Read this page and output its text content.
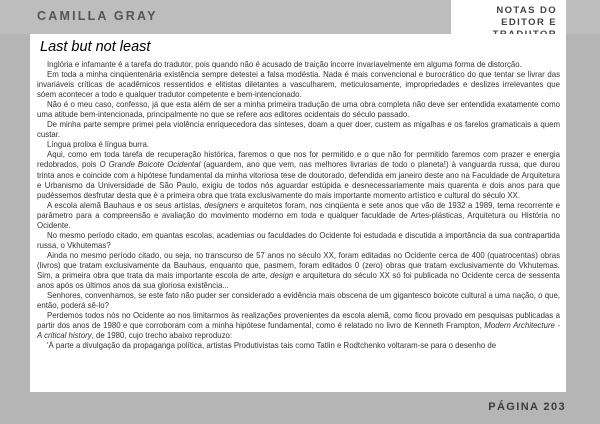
CAMILLA GRAY	NOTAS DO
EDITOR E
Last but not least

Inglória e infamante é a tarefa do tradutor, pois quando não é acusado de traição incorre invariavelmente em alguma forma de distorção.

Em toda a minha cinqüentenária existência sempre detestei a falsa modéstia. Nada é mais convencional e burocrático do que tentar se livrar das invariáveis críticas de acadêmicos ressentidos e elitistas diletantes a vasculharem, meticulosamente, impropriedades e deslizes irrelevantes que sóem acontecer a todo e qualquer tradutor competente e bem-intencionado.

Não é o meu caso, confesso, já que esta além de ser a minha primeira tradução de uma obra completa não deve ser entendida exatamente como uma atitude bem-intencionada, principalmente no que se refere aos editores ocidentais do século passado.

De minha parte sempre primei pela violência enriquecedora das sínteses, doam a quer doer, custem as migalhas e os farelos gramaticais a quem custar.

Língua prolixa é língua burra.

Aqui, como em toda tarefa de recuperação histórica, faremos o que nos for permitido e o que não for permitido faremos com prazer e energia redobrados, pois O Grande Boicote Ocidental (aguardem, ano que vem, nas melhores livrarias de todo o planeta!) à vanguarda russa, que durou trinta anos e coincide com a hipótese fundamental da minha vitoriosa tese de doutorado, defendida em janeiro deste ano na Faculdade de Arquitetura e Urbanismo da Universidade de São Paulo, exigiu de todos nós aguardar estúpida e desnecessariamente mais quarenta e dois anos para que pudéssemos desfrutar desta que é a primeira obra que trata exclusivamente do mais importante momento artístico e cultural do século XX.

A escola alemã Bauhaus e os seus artistas, designers e arquitetos foram, nos cinqüenta e sete anos que vão de 1932 a 1989, tema recorrente e parâmetro para a compreensão e avaliação do movimento moderno em toda e qualquer faculdade de Artes-plásticas, Arquitetura ou História no Ocidente.

No mesmo período citado, em quantas escolas, academias ou faculdades do Ocidente foi estudada e discutida a importância da sua contrapartida russa, o Vkhutemas?

Ainda no mesmo período citado, ou seja, no transcurso de 57 anos no século XX, foram editadas no Ocidente cerca de 400 (quatrocentas) obras (livros) que tratam exclusivamente da Bauhaus, enquanto que, pasmem, foram editados 0 (zero) obras que tratam exclusivamente do Vkhutemas. Sim, a primeira obra que trata da mais importante escola de arte, design e arquitetura do século XX só foi publicada no Ocidente cerca de sessenta anos após os últimos anos da sua gloriosa existência...

Senhores, convenhamos, se este fato não puder ser considerado a evidência mais obscena de um gigantesco boicote cultural a uma nação, o que, então, poderá sê-lo?

Perdemos todos nós no Ocidente ao nos limitarmos às realizações provenientes da escola alemã, como ficou provado em pesquisas publicadas a partir dos anos de 1980 e que corroboram com a minha hipótese fundamental, como é relatado no livro de Kenneth Frampton, Modern Architecture - A critical history, de 1980, cujo trecho abaixo reproduzo:

'À parte a divulgação da propaganga política, artistas Produtivistas tais como Tatlin e Rodtchenko voltaram-se para o desenho de

PÁGINA 203
